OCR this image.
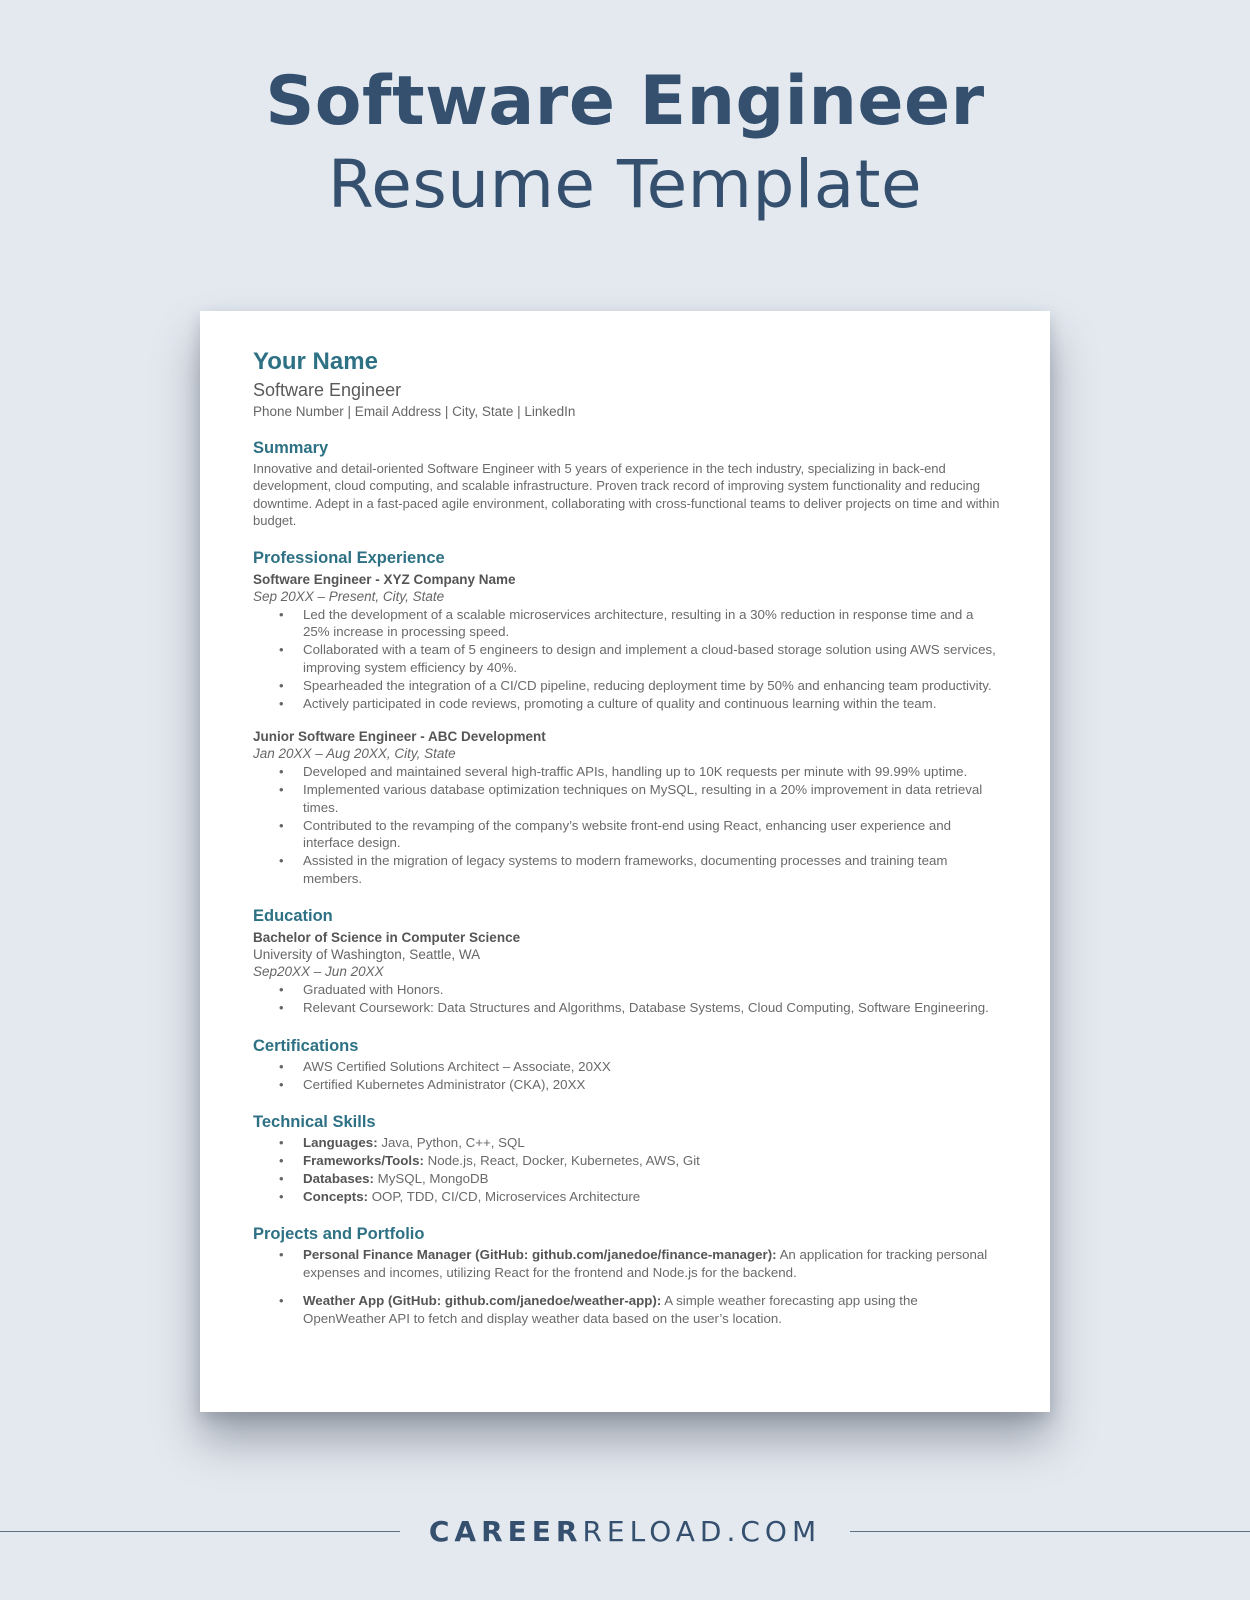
Software Engineer
Resume Template
Your Name
Software Engineer
Phone Number | Email Address | City, State | LinkedIn
Summary
Innovative and detail-oriented Software Engineer with 5 years of experience in the tech industry, specializing in back-end development, cloud computing, and scalable infrastructure. Proven track record of improving system functionality and reducing downtime. Adept in a fast-paced agile environment, collaborating with cross-functional teams to deliver projects on time and within budget.
Professional Experience
Software Engineer - XYZ Company Name
Sep 20XX – Present, City, State
• Led the development of a scalable microservices architecture, resulting in a 30% reduction in response time and a 25% increase in processing speed.
• Collaborated with a team of 5 engineers to design and implement a cloud-based storage solution using AWS services, improving system efficiency by 40%.
• Spearheaded the integration of a CI/CD pipeline, reducing deployment time by 50% and enhancing team productivity.
• Actively participated in code reviews, promoting a culture of quality and continuous learning within the team.
Junior Software Engineer - ABC Development
Jan 20XX – Aug 20XX, City, State
• Developed and maintained several high-traffic APIs, handling up to 10K requests per minute with 99.99% uptime.
• Implemented various database optimization techniques on MySQL, resulting in a 20% improvement in data retrieval times.
• Contributed to the revamping of the company’s website front-end using React, enhancing user experience and interface design.
• Assisted in the migration of legacy systems to modern frameworks, documenting processes and training team members.
Education
Bachelor of Science in Computer Science
University of Washington, Seattle, WA
Sep20XX – Jun 20XX
• Graduated with Honors.
• Relevant Coursework: Data Structures and Algorithms, Database Systems, Cloud Computing, Software Engineering.
Certifications
• AWS Certified Solutions Architect – Associate, 20XX
• Certified Kubernetes Administrator (CKA), 20XX
Technical Skills
• Languages: Java, Python, C++, SQL
• Frameworks/Tools: Node.js, React, Docker, Kubernetes, AWS, Git
• Databases: MySQL, MongoDB
• Concepts: OOP, TDD, CI/CD, Microservices Architecture
Projects and Portfolio
• Personal Finance Manager (GitHub: github.com/janedoe/finance-manager): An application for tracking personal expenses and incomes, utilizing React for the frontend and Node.js for the backend.
• Weather App (GitHub: github.com/janedoe/weather-app): A simple weather forecasting app using the OpenWeather API to fetch and display weather data based on the user’s location.
CAREERRELOAD.COM
